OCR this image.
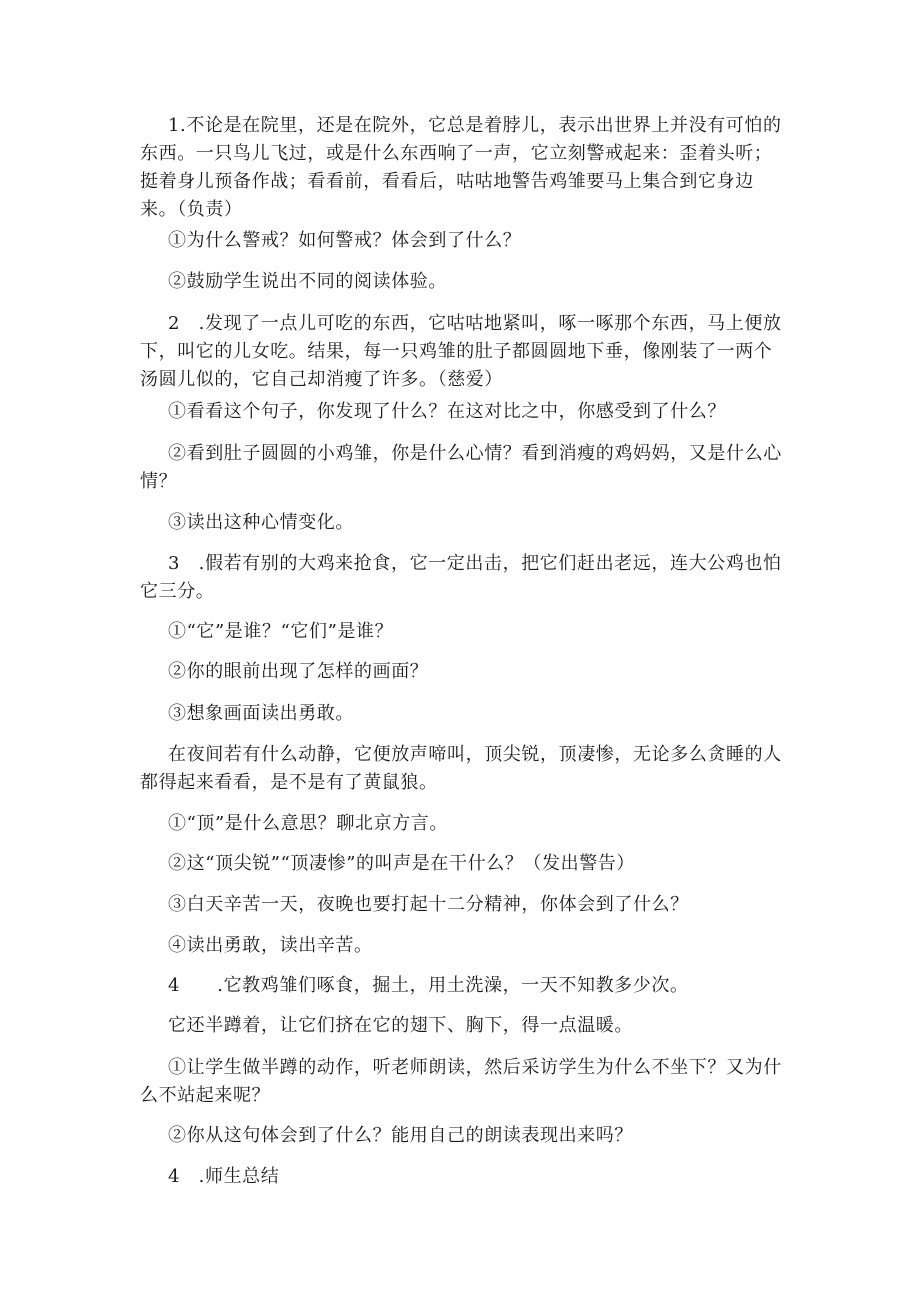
1.不论是在院里，还是在院外，它总是着脖儿，表示出世界上并没有可怕的东西。一只鸟儿飞过，或是什么东西响了一声，它立刻警戒起来：歪着头听；挺着身儿预备作战；看看前，看看后，咕咕地警告鸡雏要马上集合到它身边来。（负责）

①为什么警戒？如何警戒？体会到了什么？

②鼓励学生说出不同的阅读体验。

2　.发现了一点儿可吃的东西，它咕咕地紧叫，啄一啄那个东西，马上便放下，叫它的儿女吃。结果，每一只鸡雏的肚子都圆圆地下垂，像刚装了一两个汤圆儿似的，它自己却消瘦了许多。（慈爱）

①看看这个句子，你发现了什么？在这对比之中，你感受到了什么？

②看到肚子圆圆的小鸡雏，你是什么心情？看到消瘦的鸡妈妈，又是什么心情？

③读出这种心情变化。

3　.假若有别的大鸡来抢食，它一定出击，把它们赶出老远，连大公鸡也怕它三分。

①“它”是谁？“它们”是谁？

②你的眼前出现了怎样的画面？

③想象画面读出勇敢。

在夜间若有什么动静，它便放声啼叫，顶尖锐，顶凄惨，无论多么贪睡的人都得起来看看，是不是有了黄鼠狼。

①“顶”是什么意思？聊北京方言。

②这“顶尖锐”“顶凄惨”的叫声是在干什么？（发出警告）

③白天辛苦一天，夜晚也要打起十二分精神，你体会到了什么？

④读出勇敢，读出辛苦。

4　　.它教鸡雏们啄食，掘土，用土洗澡，一天不知教多少次。

它还半蹲着，让它们挤在它的翅下、胸下，得一点温暖。

①让学生做半蹲的动作，听老师朗读，然后采访学生为什么不坐下？又为什么不站起来呢？

②你从这句体会到了什么？能用自己的朗读表现出来吗？

4　.师生总结
